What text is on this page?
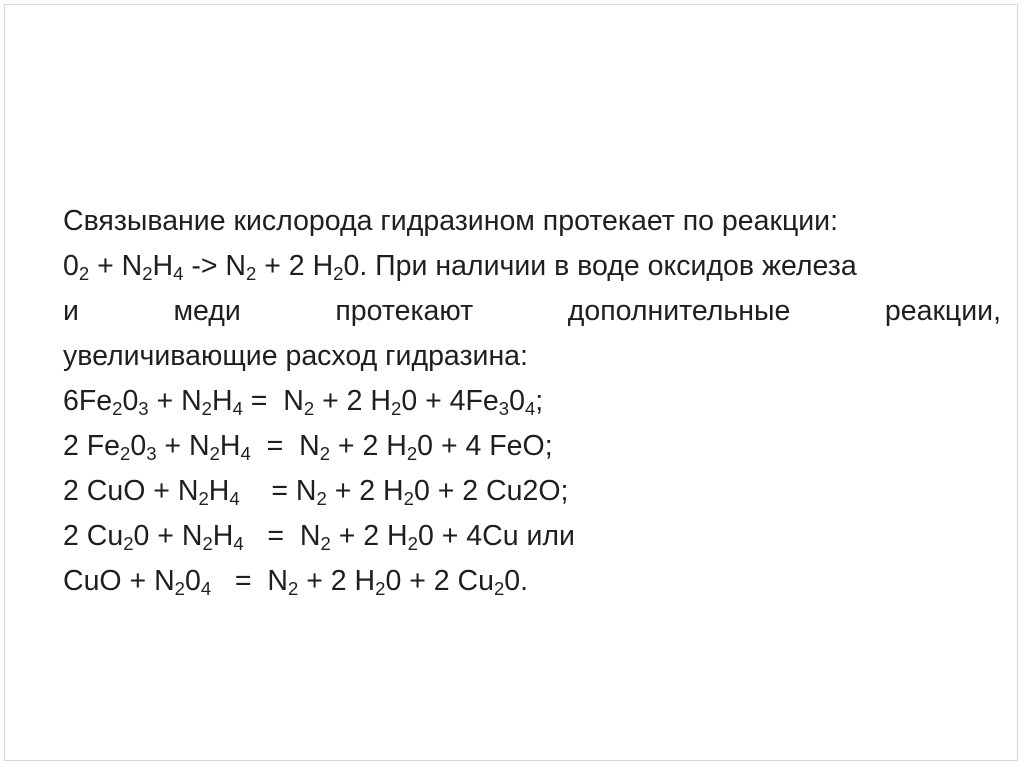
Связывание кислорода гидразином протекает по реакции:
$0_2 + N_2H_4 -> N_2 + 2$ $H_20$. При наличии в воде оксидов железа
и меди протекают дополнительные реакции,
увеличивающие расход гидразина:
$6Fe_20_3 + N_2H_4 = N_2 + 2$ $H_20 + 4Fe_30_4$;
2 $Fe_20_3 + N_2H_4 = N_2 + 2$ $H_20 + 4$ FeO;
2 CuO + $N_2H_4$    = $N_2 + 2$ $H_20 + 2$ Cu2O;
2 $Cu_20 + N_2H_4 = N_2 + 2$ $H_20 + 4Cu$ или
CuO + $N_20_4 = N_2 + 2$ $H_20 + 2$ $Cu_20$.
